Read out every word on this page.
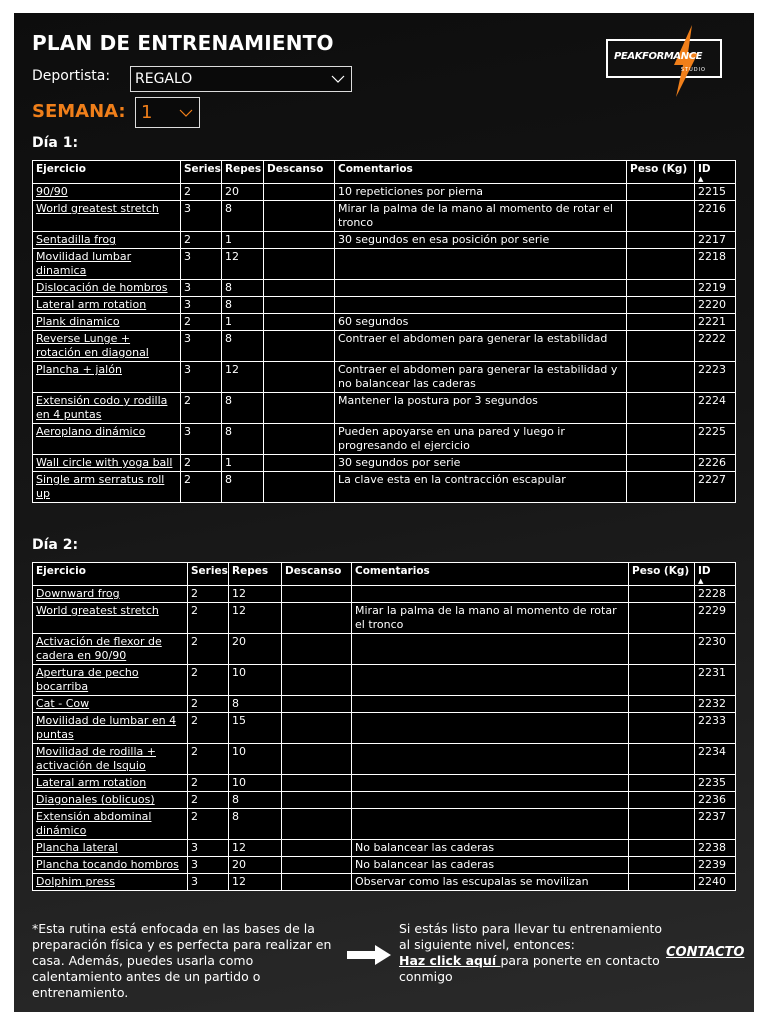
PLAN DE ENTRENAMIENTO
Deportista: REGALO
SEMANA: 1
PEAKFORMANCE
STUDIO
Día 1:
Ejercicio	Series	Repes	Descanso	Comentarios	Peso (Kg)	ID
▲

90/90	2	20		10 repeticiones por pierna		2215
World greatest stretch	3	8		Mirar la palma de la mano al momento de rotar el tronco		2216
Sentadilla frog	2	1		30 segundos en esa posición por serie		2217
Movilidad lumbar dinamica	3	12				2218
Dislocación de hombros	3	8				2219
Lateral arm rotation	3	8				2220
Plank dinamico	2	1		60 segundos		2221
Reverse Lunge + rotación en diagonal	3	8		Contraer el abdomen para generar la estabilidad		2222
Plancha + jalón	3	12		Contraer el abdomen para generar la estabilidad y no balancear las caderas		2223
Extensión codo y rodilla en 4 puntas	2	8		Mantener la postura por 3 segundos		2224
Aeroplano dinámico	3	8		Pueden apoyarse en una pared y luego ir progresando el ejercicio		2225
Wall circle with yoga ball	2	1		30 segundos por serie		2226
Single arm serratus roll up	2	8		La clave esta en la contracción escapular		2227
Día 2:
Ejercicio	Series	Repes	Descanso	Comentarios	Peso (Kg)	ID
▲

Downward frog	2	12				2228
World greatest stretch	2	12		Mirar la palma de la mano al momento de rotar el tronco		2229
Activación de flexor de cadera en 90/90	2	20				2230
Apertura de pecho bocarriba	2	10				2231
Cat - Cow	2	8				2232
Movilidad de lumbar en 4 puntas	2	15				2233
Movilidad de rodilla + activación de Isquio	2	10				2234
Lateral arm rotation	2	10				2235
Diagonales (oblicuos)	2	8				2236
Extensión abdominal dinámico	2	8				2237
Plancha lateral	3	12		No balancear las caderas		2238
Plancha tocando hombros	3	20		No balancear las caderas		2239
Dolphim press	3	12		Observar como las escupalas se movilizan		2240
*Esta rutina está enfocada en las bases de la preparación física y es perfecta para realizar en casa. Además, puedes usarla como calentamiento antes de un partido o entrenamiento.
Si estás listo para llevar tu entrenamiento al siguiente nivel, entonces:
Haz click aquí para ponerte en contacto conmigo
CONTACTO
